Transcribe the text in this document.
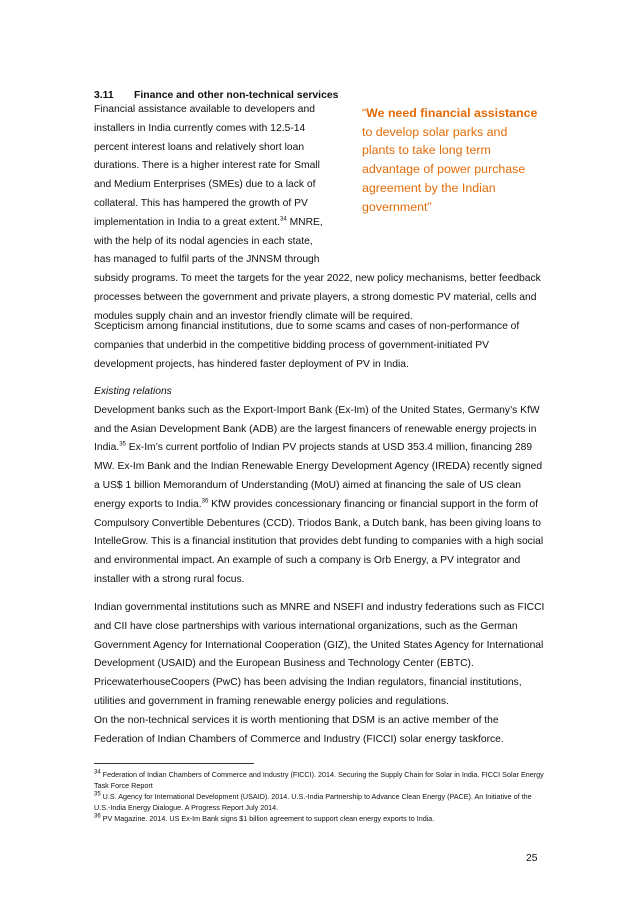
3.11 Finance and other non-technical services
“We need financial assistance to develop solar parks and plants to take long term advantage of power purchase agreement by the Indian government”
Financial assistance available to developers and
installers in India currently comes with 12.5-14
percent interest loans and relatively short loan
durations. There is a higher interest rate for Small
and Medium Enterprises (SMEs) due to a lack of
collateral. This has hampered the growth of PV
implementation in India to a great extent.$^{34}$ MNRE,
with the help of its nodal agencies in each state,
has managed to fulfil parts of the JNNSM through
subsidy programs. To meet the targets for the year 2022, new policy mechanisms, better feedback processes between the government and private players, a strong domestic PV material, cells and modules supply chain and an investor friendly climate will be required.
Scepticism among financial institutions, due to some scams and cases of non-performance of companies that underbid in the competitive bidding process of government-initiated PV development projects, has hindered faster deployment of PV in India.
Existing relations
Development banks such as the Export-Import Bank (Ex-Im) of the United States, Germany’s KfW and the Asian Development Bank (ADB) are the largest financers of renewable energy projects in India.$^{35}$ Ex-Im’s current portfolio of Indian PV projects stands at USD 353.4 million, financing 289 MW. Ex-Im Bank and the Indian Renewable Energy Development Agency (IREDA) recently signed a US$ 1 billion Memorandum of Understanding (MoU) aimed at financing the sale of US clean energy exports to India.$^{36}$ KfW provides concessionary financing or financial support in the form of Compulsory Convertible Debentures (CCD). Triodos Bank, a Dutch bank, has been giving loans to IntelleGrow. This is a financial institution that provides debt funding to companies with a high social and environmental impact. An example of such a company is Orb Energy, a PV integrator and installer with a strong rural focus.
Indian governmental institutions such as MNRE and NSEFI and industry federations such as FICCI and CII have close partnerships with various international organizations, such as the German Government Agency for International Cooperation (GIZ), the United States Agency for International Development (USAID) and the European Business and Technology Center (EBTC). PricewaterhouseCoopers (PwC) has been advising the Indian regulators, financial institutions, utilities and government in framing renewable energy policies and regulations.
On the non-technical services it is worth mentioning that DSM is an active member of the Federation of Indian Chambers of Commerce and Industry (FICCI) solar energy taskforce.

$^{34}$ Federation of Indian Chambers of Commerce and Industry (FICCI). 2014. Securing the Supply Chain for Solar in India. FICCI Solar Energy Task Force Report

$^{35}$ U.S. Agency for International Development (USAID). 2014. U.S.-India Partnership to Advance Clean Energy (PACE). An Initiative of the U.S.-India Energy Dialogue. A Progress Report July 2014.

$^{36}$ PV Magazine. 2014. US Ex-Im Bank signs $1 billion agreement to support clean energy exports to India.

25
